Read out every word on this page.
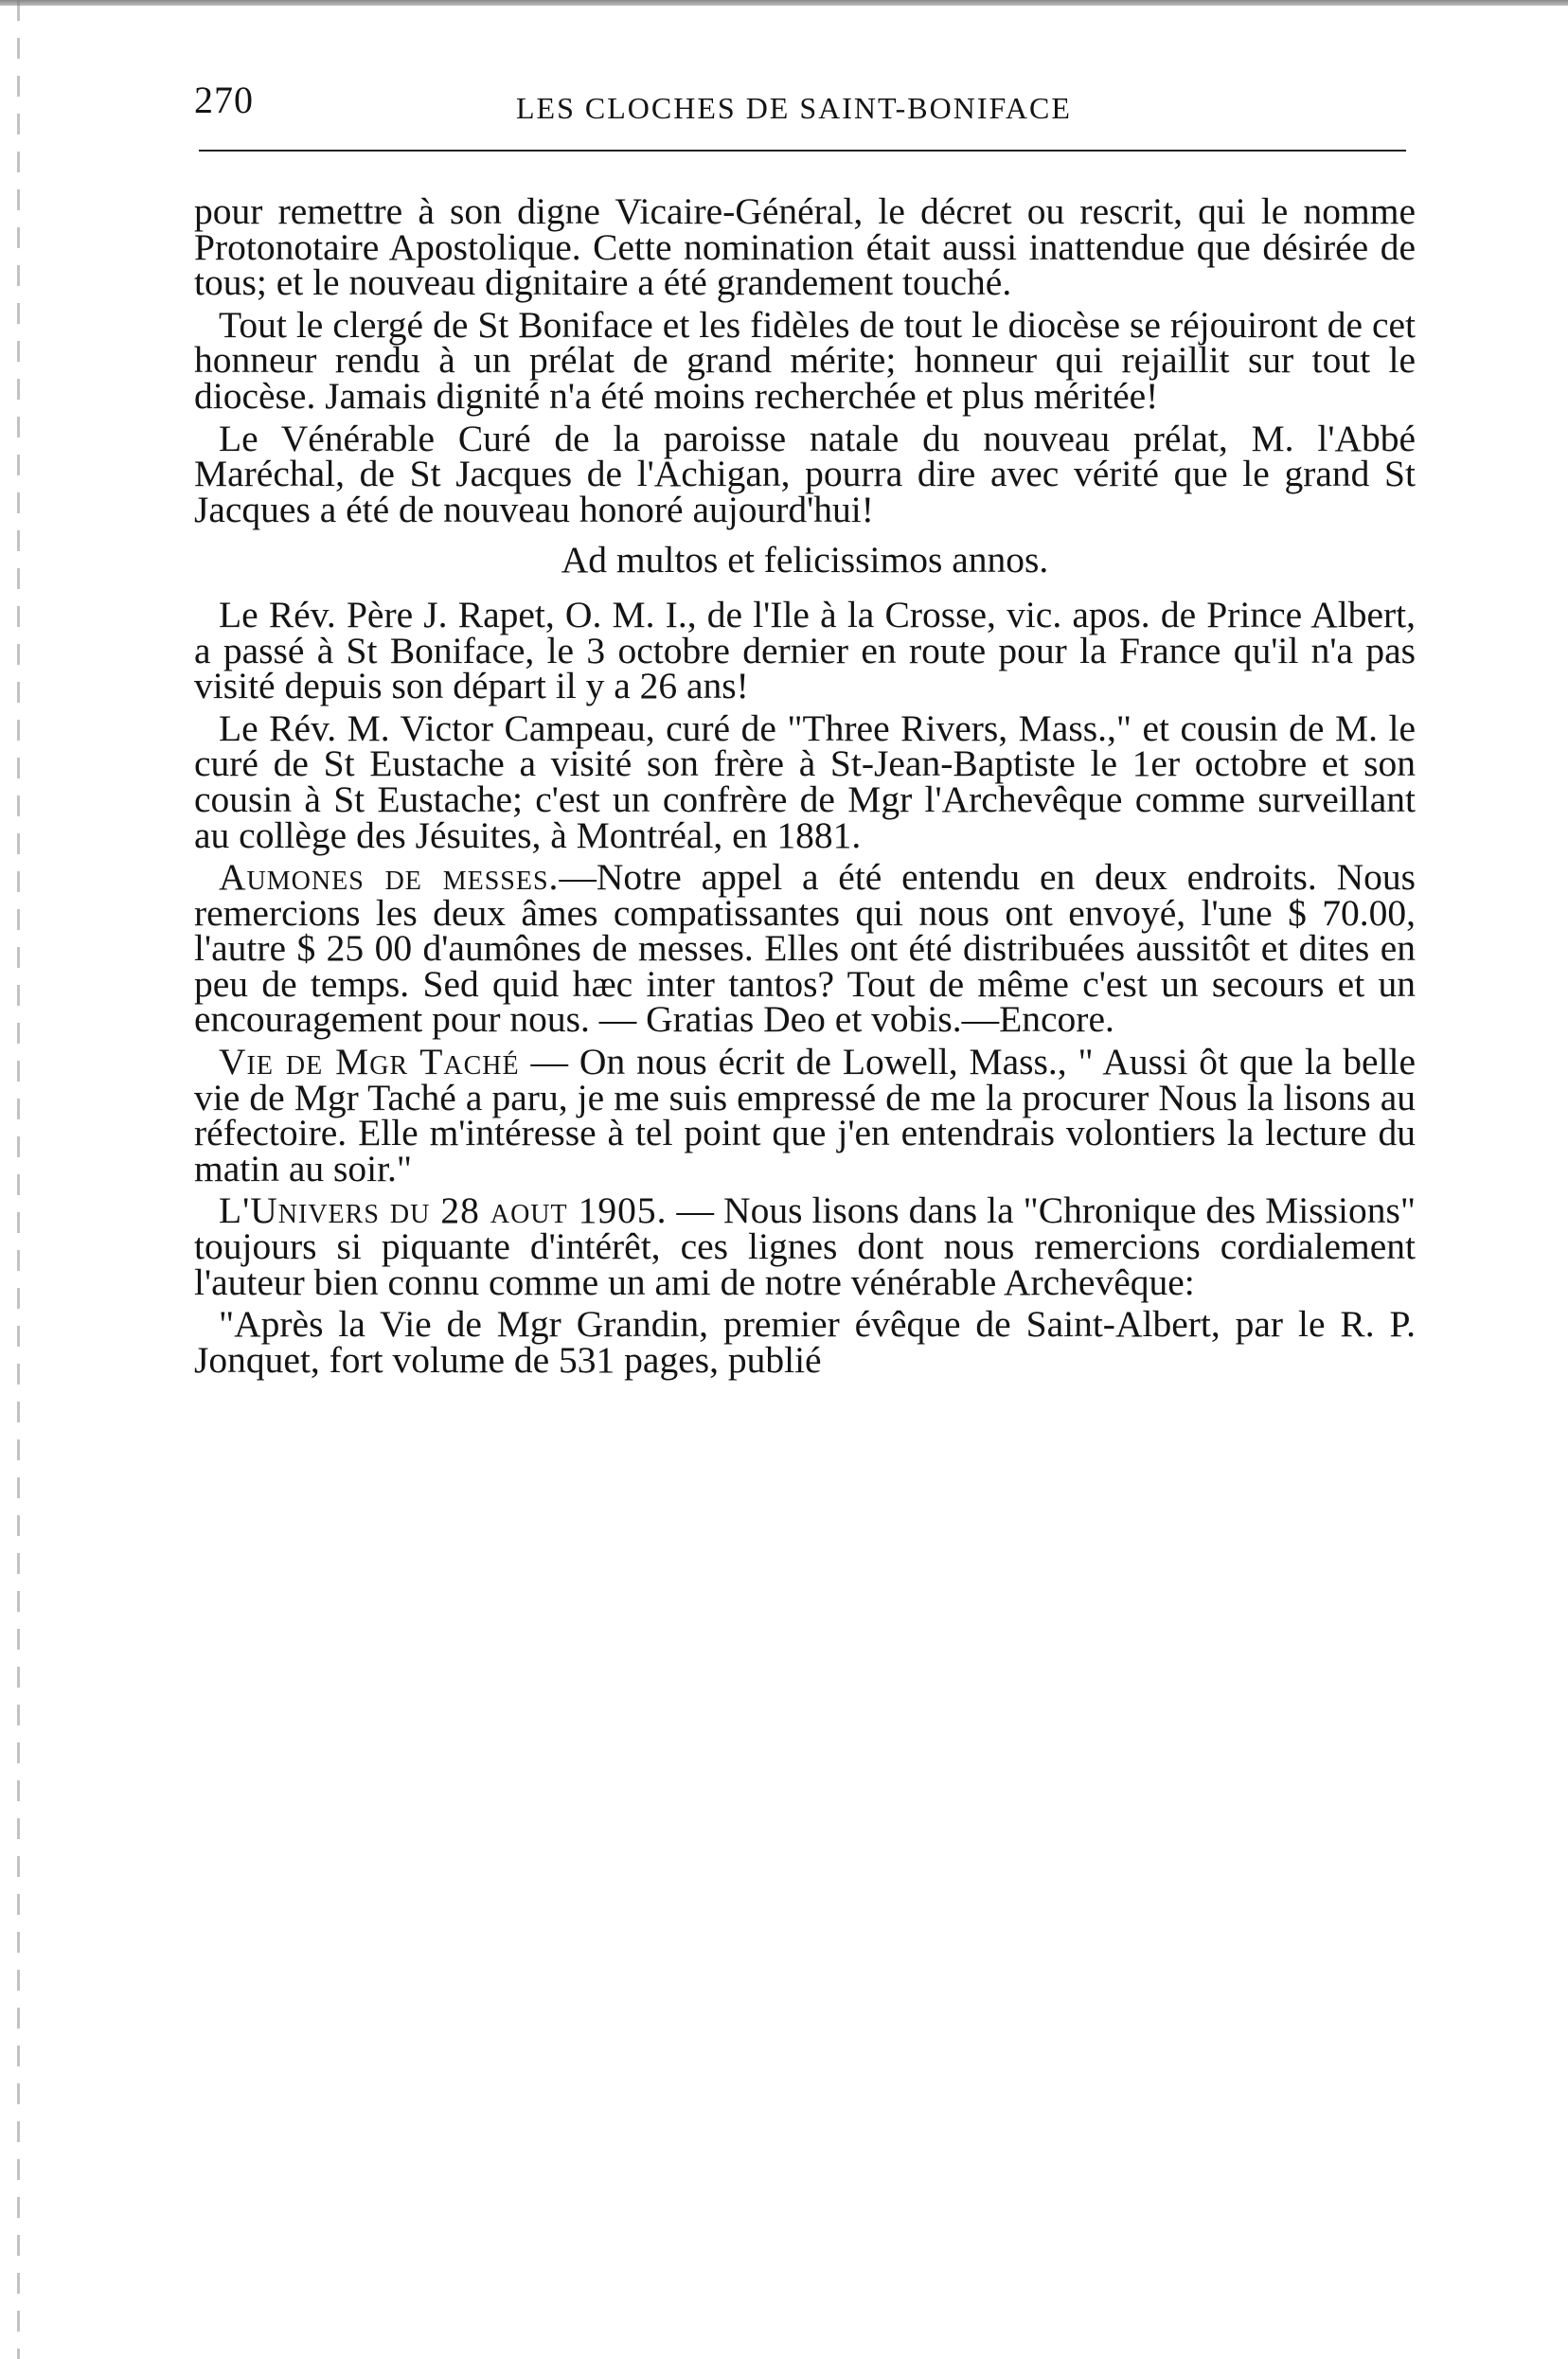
270	LES CLOCHES DE SAINT-BONIFACE

pour remettre à son digne Vicaire-Général, le décret ou rescrit, qui le nomme Protonotaire Apostolique. Cette nomination était aussi inattendue que désirée de tous; et le nouveau dignitaire a été grandement touché.

Tout le clergé de St Boniface et les fidèles de tout le diocèse se réjouiront de cet honneur rendu à un prélat de grand mérite; honneur qui rejaillit sur tout le diocèse. Jamais dignité n'a été moins recherchée et plus méritée!

Le Vénérable Curé de la paroisse natale du nouveau prélat, M. l'Abbé Maréchal, de St Jacques de l'Achigan, pourra dire avec vérité que le grand St Jacques a été de nouveau honoré aujourd'hui!

Ad multos et felicissimos annos.

Le Rév. Père J. Rapet, O. M. I., de l'Ile à la Crosse, vic. apos. de Prince Albert, a passé à St Boniface, le 3 octobre dernier en route pour la France qu'il n'a pas visité depuis son départ il y a 26 ans!

Le Rév. M. Victor Campeau, curé de "Three Rivers, Mass.," et cousin de M. le curé de St Eustache a visité son frère à St-Jean-Baptiste le 1er octobre et son cousin à St Eustache; c'est un confrère de Mgr l'Archevêque comme surveillant au collège des Jésuites, à Montréal, en 1881.

Aumones de messes.—Notre appel a été entendu en deux endroits. Nous remercions les deux âmes compatissantes qui nous ont envoyé, l'une $ 70.00, l'autre $ 25 00 d'aumônes de messes. Elles ont été distribuées aussitôt et dites en peu de temps. Sed quid hæc inter tantos? Tout de même c'est un secours et un encouragement pour nous. — Gratias Deo et vobis.—Encore.

Vie de Mgr Taché — On nous écrit de Lowell, Mass., " Aussi ôt que la belle vie de Mgr Taché a paru, je me suis empressé de me la procurer Nous la lisons au réfectoire. Elle m'intéresse à tel point que j'en entendrais volontiers la lecture du matin au soir."

L'Univers du 28 aout 1905. — Nous lisons dans la "Chronique des Missions" toujours si piquante d'intérêt, ces lignes dont nous remercions cordialement l'auteur bien connu comme un ami de notre vénérable Archevêque:

"Après la Vie de Mgr Grandin, premier évêque de Saint-Albert, par le R. P. Jonquet, fort volume de 531 pages, publié
